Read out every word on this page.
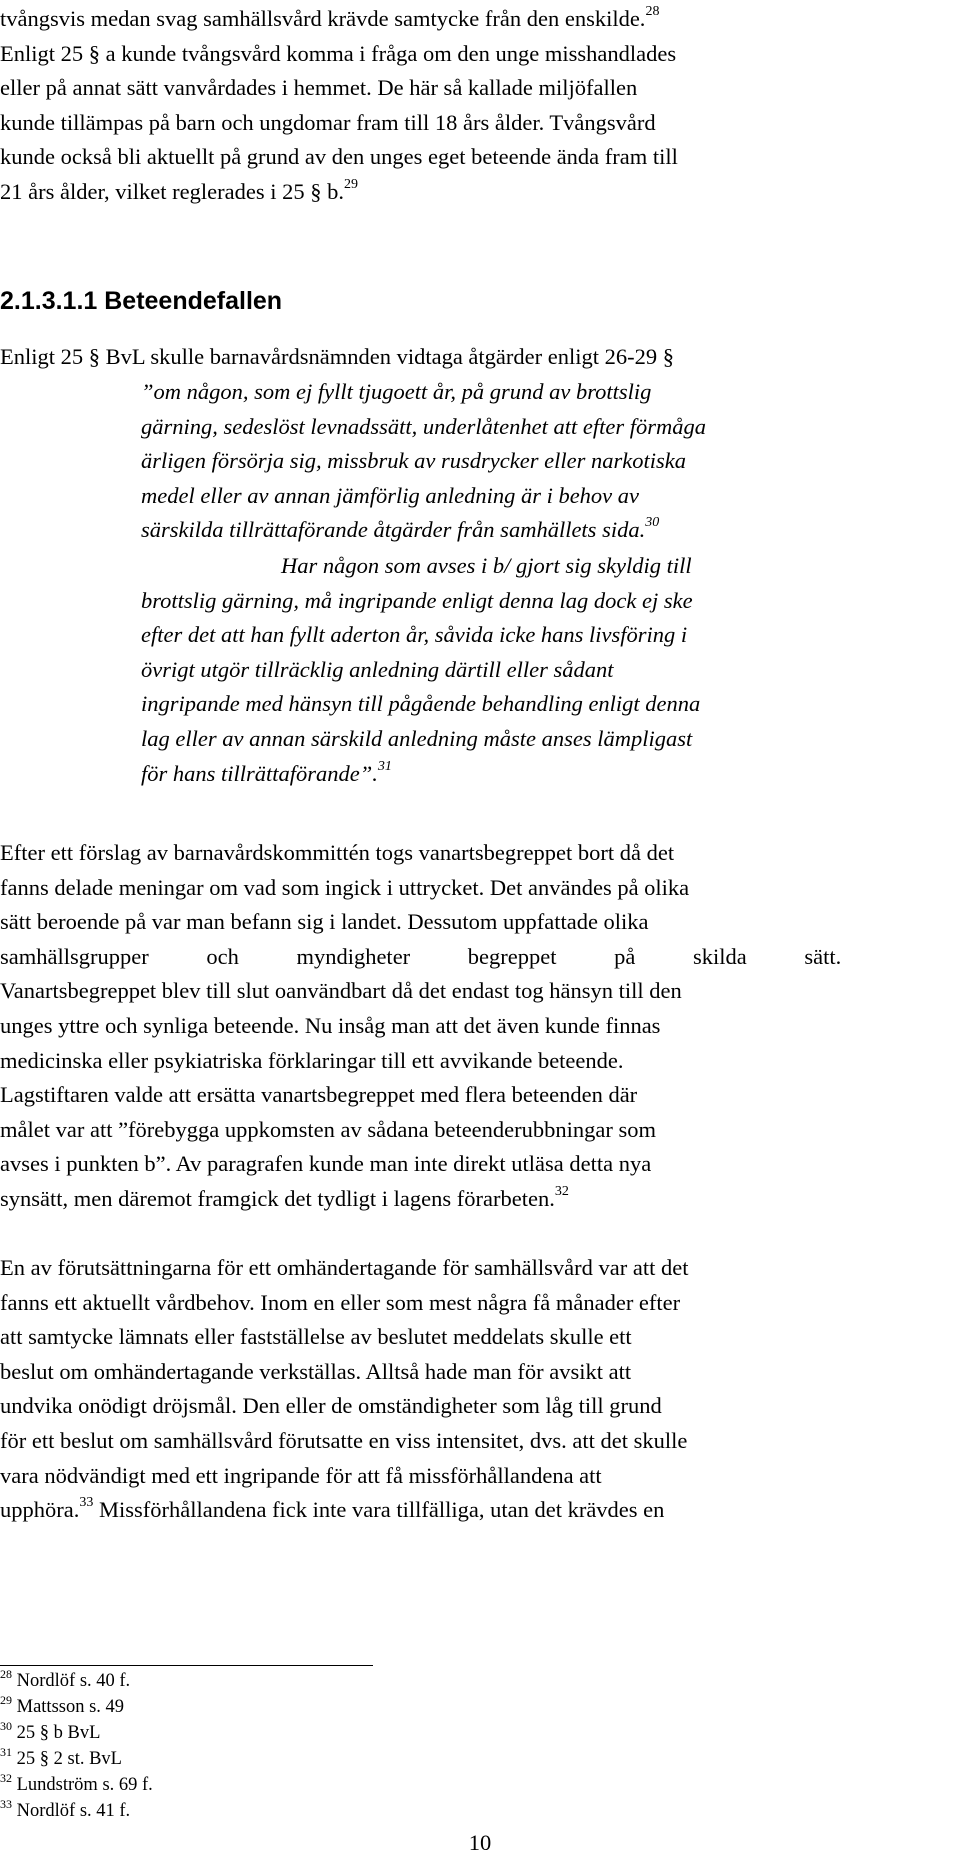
tvångsvis medan svag samhällsvård krävde samtycke från den enskilde.$^{28}$
Enligt 25 § a kunde tvångsvård komma i fråga om den unge misshandlades
eller på annat sätt vanvårdades i hemmet. De här så kallade miljöfallen
kunde tillämpas på barn och ungdomar fram till 18 års ålder. Tvångsvård
kunde också bli aktuellt på grund av den unges eget beteende ända fram till
21 års ålder, vilket reglerades i 25 § b.$^{29}$
2.1.3.1.1 Beteendefallen
Enligt 25 § BvL skulle barnavårdsnämnden vidtaga åtgärder enligt 26-29 §
”om någon, som ej fyllt tjugoett år, på grund av brottslig
gärning, sedeslöst levnadssätt, underlåtenhet att efter förmåga
ärligen försörja sig, missbruk av rusdrycker eller narkotiska
medel eller av annan jämförlig anledning är i behov av
särskilda tillrättaförande åtgärder från samhällets sida.$^{30}$
Har någon som avses i b/ gjort sig skyldig till
brottslig gärning, må ingripande enligt denna lag dock ej ske
efter det att han fyllt aderton år, såvida icke hans livsföring i
övrigt utgör tillräcklig anledning därtill eller sådant
ingripande med hänsyn till pågående behandling enligt denna
lag eller av annan särskild anledning måste anses lämpligast
för hans tillrättaförande”.$^{31}$
Efter ett förslag av barnavårdskommittén togs vanartsbegreppet bort då det
fanns delade meningar om vad som ingick i uttrycket. Det användes på olika
sätt beroende på var man befann sig i landet. Dessutom uppfattade olika
samhällsgrupper och myndigheter begreppet på skilda sätt.
Vanartsbegreppet blev till slut oanvändbart då det endast tog hänsyn till den
unges yttre och synliga beteende. Nu insåg man att det även kunde finnas
medicinska eller psykiatriska förklaringar till ett avvikande beteende.
Lagstiftaren valde att ersätta vanartsbegreppet med flera beteenden där
målet var att ”förebygga uppkomsten av sådana beteenderubbningar som
avses i punkten b”. Av paragrafen kunde man inte direkt utläsa detta nya
synsätt, men däremot framgick det tydligt i lagens förarbeten.$^{32}$
En av förutsättningarna för ett omhändertagande för samhällsvård var att det
fanns ett aktuellt vårdbehov. Inom en eller som mest några få månader efter
att samtycke lämnats eller fastställelse av beslutet meddelats skulle ett
beslut om omhändertagande verkställas. Alltså hade man för avsikt att
undvika onödigt dröjsmål. Den eller de omständigheter som låg till grund
för ett beslut om samhällsvård förutsatte en viss intensitet, dvs. att det skulle
vara nödvändigt med ett ingripande för att få missförhållandena att
upphöra.$^{33}$ Missförhållandena fick inte vara tillfälliga, utan det krävdes en
$^{28}$ Nordlöf s. 40 f.
$^{29}$ Mattsson s. 49
$^{30}$ 25 § b BvL
$^{31}$ 25 § 2 st. BvL
$^{32}$ Lundström s. 69 f.
$^{33}$ Nordlöf s. 41 f.
10
